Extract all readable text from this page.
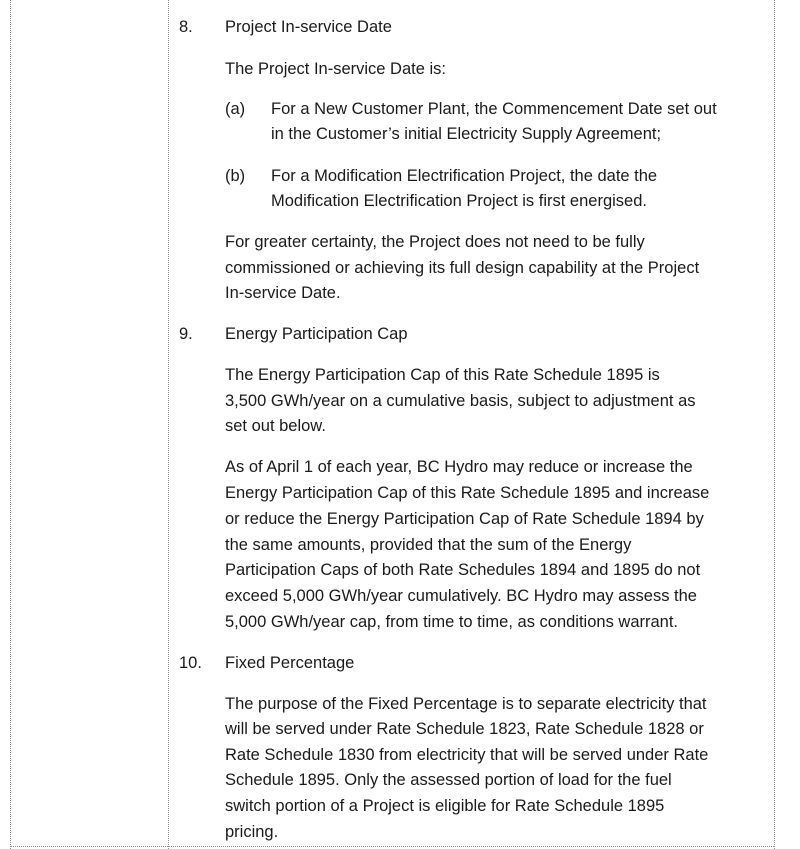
8. Project In-service Date

The Project In-service Date is:

(a) For a New Customer Plant, the Commencement Date set out

in the Customer’s initial Electricity Supply Agreement;

(b) For a Modification Electrification Project, the date the

Modification Electrification Project is first energised.

For greater certainty, the Project does not need to be fully

commissioned or achieving its full design capability at the Project

In-service Date.

9. Energy Participation Cap

The Energy Participation Cap of this Rate Schedule 1895 is

3,500 GWh/year on a cumulative basis, subject to adjustment as

set out below.

As of April 1 of each year, BC Hydro may reduce or increase the

Energy Participation Cap of this Rate Schedule 1895 and increase

or reduce the Energy Participation Cap of Rate Schedule 1894 by

the same amounts, provided that the sum of the Energy

Participation Caps of both Rate Schedules 1894 and 1895 do not

exceed 5,000 GWh/year cumulatively. BC Hydro may assess the

5,000 GWh/year cap, from time to time, as conditions warrant.

10. Fixed Percentage

The purpose of the Fixed Percentage is to separate electricity that

will be served under Rate Schedule 1823, Rate Schedule 1828 or

Rate Schedule 1830 from electricity that will be served under Rate

Schedule 1895. Only the assessed portion of load for the fuel

switch portion of a Project is eligible for Rate Schedule 1895

pricing.
